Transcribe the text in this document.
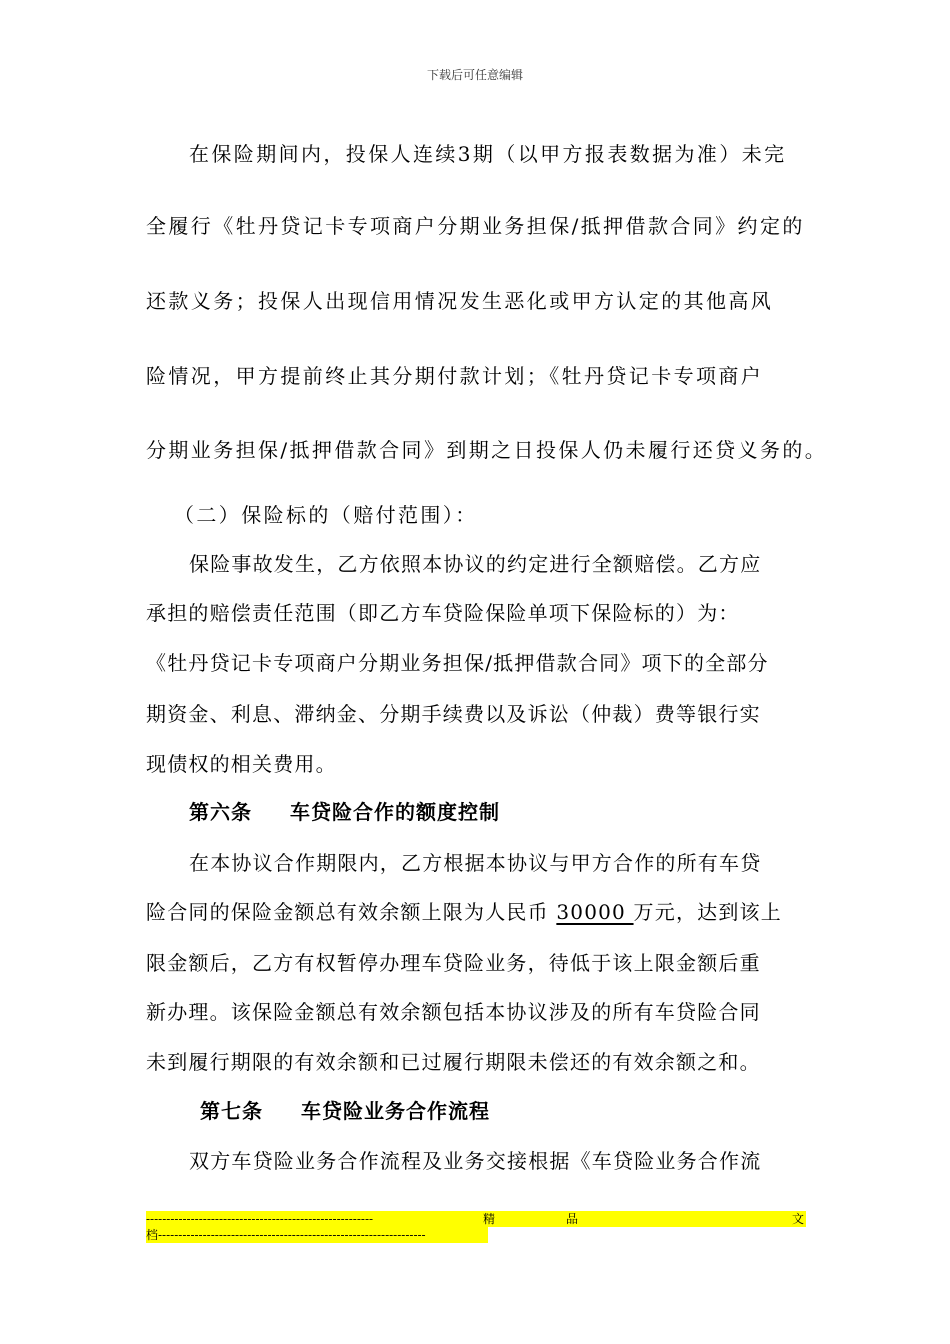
下载后可任意编辑
在保险期间内，投保人连续3期（以甲方报表数据为准）未完
全履行《牡丹贷记卡专项商户分期业务担保/抵押借款合同》约定的
还款义务；投保人出现信用情况发生恶化或甲方认定的其他高风
险情况，甲方提前终止其分期付款计划；《牡丹贷记卡专项商户
分期业务担保/抵押借款合同》到期之日投保人仍未履行还贷义务的。
（二）保险标的（赔付范围）：
保险事故发生，乙方依照本协议的约定进行全额赔偿。乙方应
承担的赔偿责任范围（即乙方车贷险保险单项下保险标的）为：
《牡丹贷记卡专项商户分期业务担保/抵押借款合同》项下的全部分
期资金、利息、滞纳金、分期手续费以及诉讼（仲裁）费等银行实
现债权的相关费用。
第六条 车贷险合作的额度控制
在本协议合作期限内，乙方根据本协议与甲方合作的所有车贷
险合同的保险金额总有效余额上限为人民币 30000 万元，达到该上
限金额后，乙方有权暂停办理车贷险业务，待低于该上限金额后重
新办理。该保险金额总有效余额包括本协议涉及的所有车贷险合同
未到履行期限的有效余额和已过履行期限未偿还的有效余额之和。
第七条 车贷险业务合作流程
双方车贷险业务合作流程及业务交接根据《车贷险业务合作流
--------------------------------------------------------	精	品	文
档------------------------------------------------------------------
